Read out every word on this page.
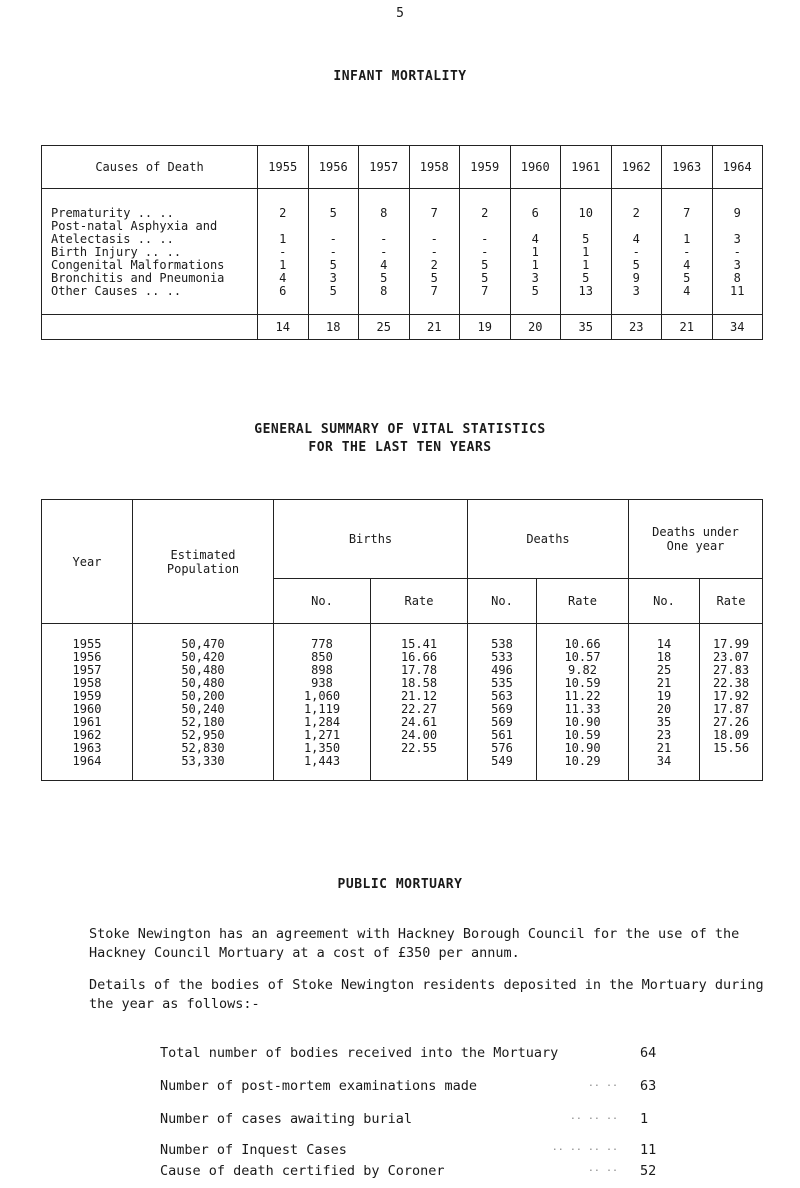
5
INFANT MORTALITY
Causes of Death	1955	1956	1957	1958	1959	1960	1961	1962	1963	1964
Prematurity .. ..	2	5	8	7	2	6	10	2	7	9
Post-natal Asphyxia and										
Atelectasis .. ..	1	-	-	-	-	4	5	4	1	3
Birth Injury .. ..	-	-	-	-	-	1	1	-	-	-
Congenital Malformations	1	5	4	2	5	1	1	5	4	3
Bronchitis and Pneumonia	4	3	5	5	5	3	5	9	5	8
Other Causes .. ..	6	5	8	7	7	5	13	3	4	11
	14	18	25	21	19	20	35	23	21	34
GENERAL SUMMARY OF VITAL STATISTICS
FOR THE LAST TEN YEARS
Year	Estimated Population	Births		Deaths		Deaths under One year	

		No.	Rate	No.	Rate	No.	Rate
1955	50,470	778	15.41	538	10.66	14	17.99
1956	50,420	850	16.66	533	10.57	18	23.07
1957	50,480	898	17.78	496	9.82	25	27.83
1958	50,480	938	18.58	535	10.59	21	22.38
1959	50,200	1,060	21.12	563	11.22	19	17.92
1960	50,240	1,119	22.27	569	11.33	20	17.87
1961	52,180	1,284	24.61	569	10.90	35	27.26
1962	52,950	1,271	24.00	561	10.59	23	18.09
1963	52,830	1,350	22.55	576	10.90	21	15.56
1964	53,330	1,443		549	10.29	34	
PUBLIC MORTUARY
Stoke Newington has an agreement with Hackney Borough Council for the use of the Hackney Council Mortuary at a cost of £350 per annum.
Details of the bodies of Stoke Newington residents deposited in the Mortuary during the year as follows:-
Total number of bodies received into the Mortuary	64
Number of post-mortem examinations made	.. ..	63
Number of cases awaiting burial	.. .. ..	1
Number of Inquest Cases	.. .. .. ..	11
Cause of death certified by Coroner	.. ..	52
